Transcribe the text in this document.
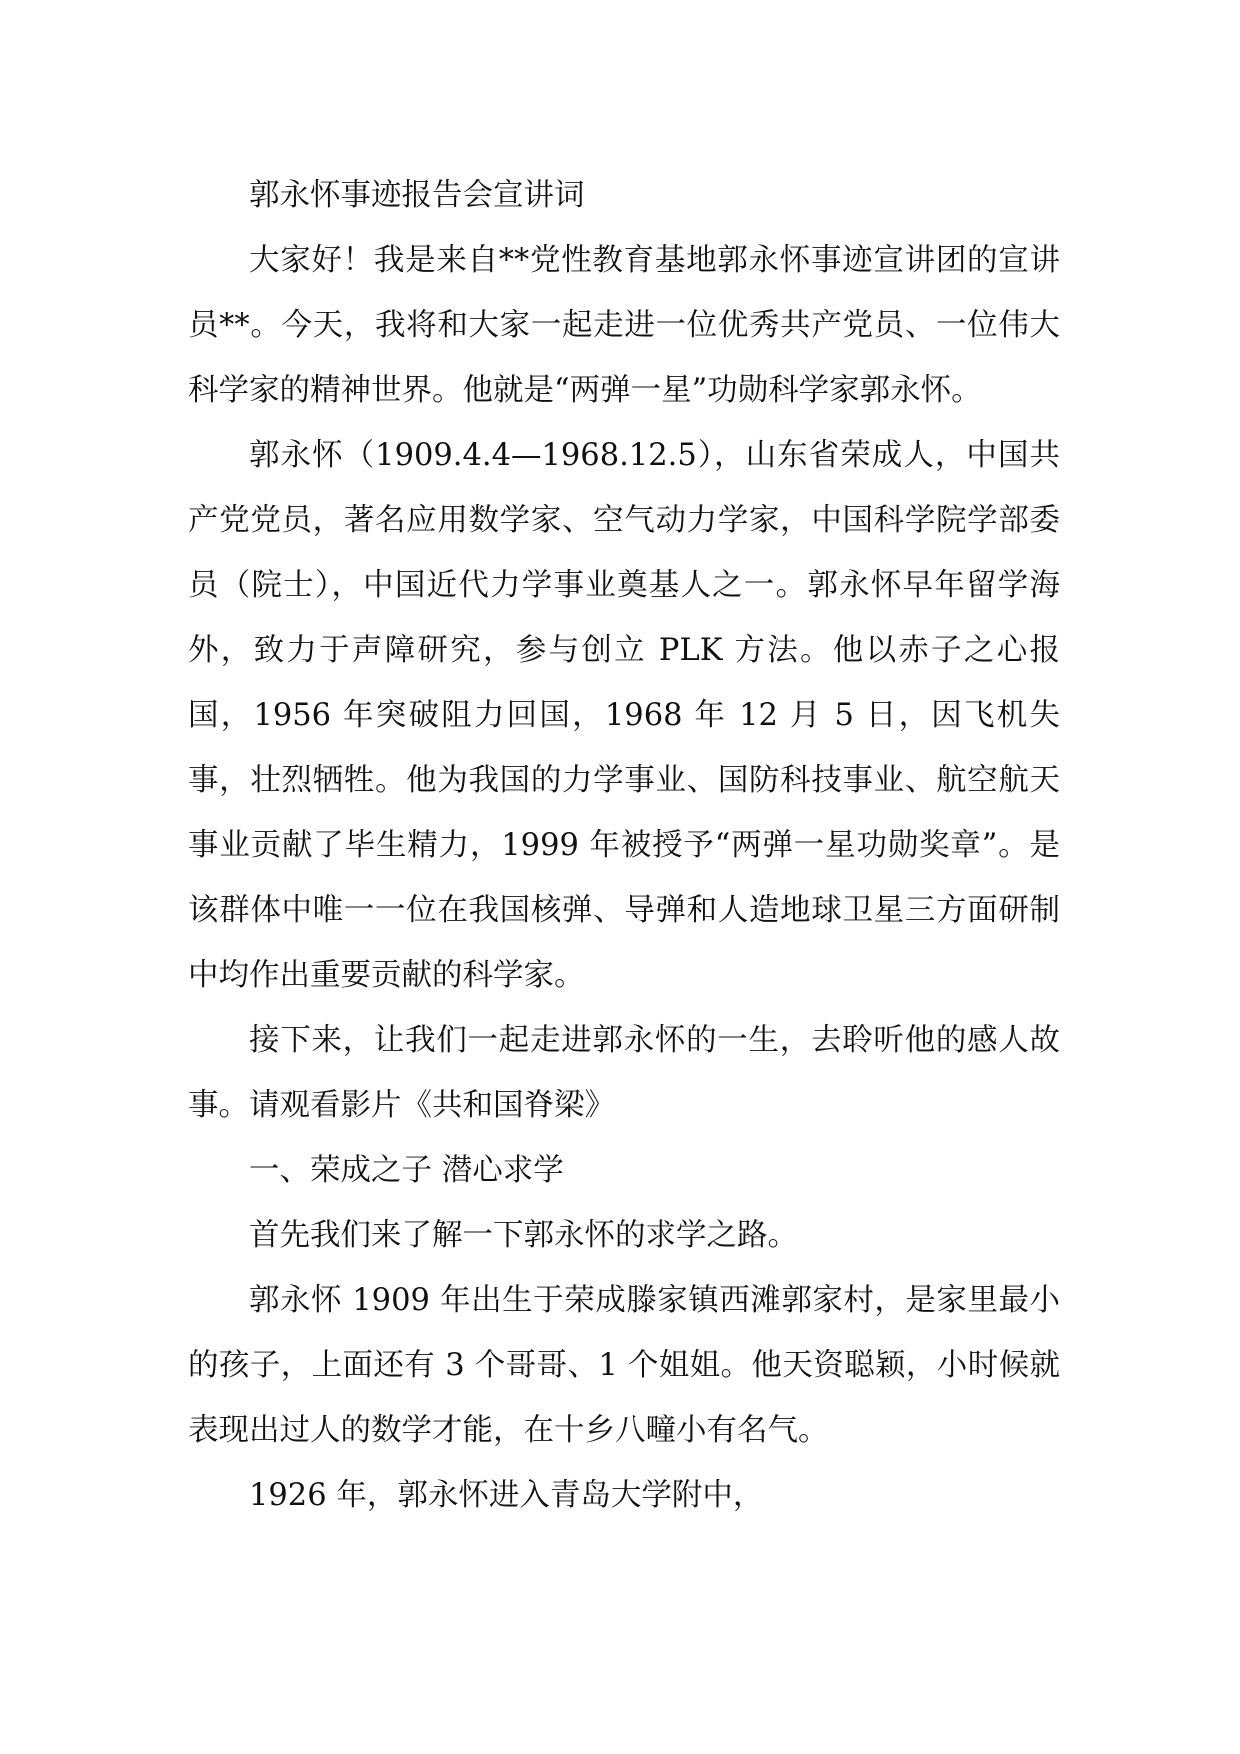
郭永怀事迹报告会宣讲词

大家好！我是来自**党性教育基地郭永怀事迹宣讲团的宣讲员**。今天，我将和大家一起走进一位优秀共产党员、一位伟大科学家的精神世界。他就是“两弹一星”功勋科学家郭永怀。

郭永怀（1909.4.4—1968.12.5），山东省荣成人，中国共产党党员，著名应用数学家、空气动力学家，中国科学院学部委员（院士），中国近代力学事业奠基人之一。郭永怀早年留学海外，致力于声障研究，参与创立 PLK 方法。他以赤子之心报国，1956 年突破阻力回国，1968 年 12 月 5 日，因飞机失事，壮烈牺牲。他为我国的力学事业、国防科技事业、航空航天事业贡献了毕生精力，1999 年被授予“两弹一星功勋奖章”。是该群体中唯一一位在我国核弹、导弹和人造地球卫星三方面研制中均作出重要贡献的科学家。

接下来，让我们一起走进郭永怀的一生，去聆听他的感人故事。请观看影片《共和国脊梁》

一、荣成之子 潜心求学

首先我们来了解一下郭永怀的求学之路。

郭永怀 1909 年出生于荣成滕家镇西滩郭家村，是家里最小的孩子，上面还有 3 个哥哥、1 个姐姐。他天资聪颖，小时候就表现出过人的数学才能，在十乡八疃小有名气。

1926 年，郭永怀进入青岛大学附中，
